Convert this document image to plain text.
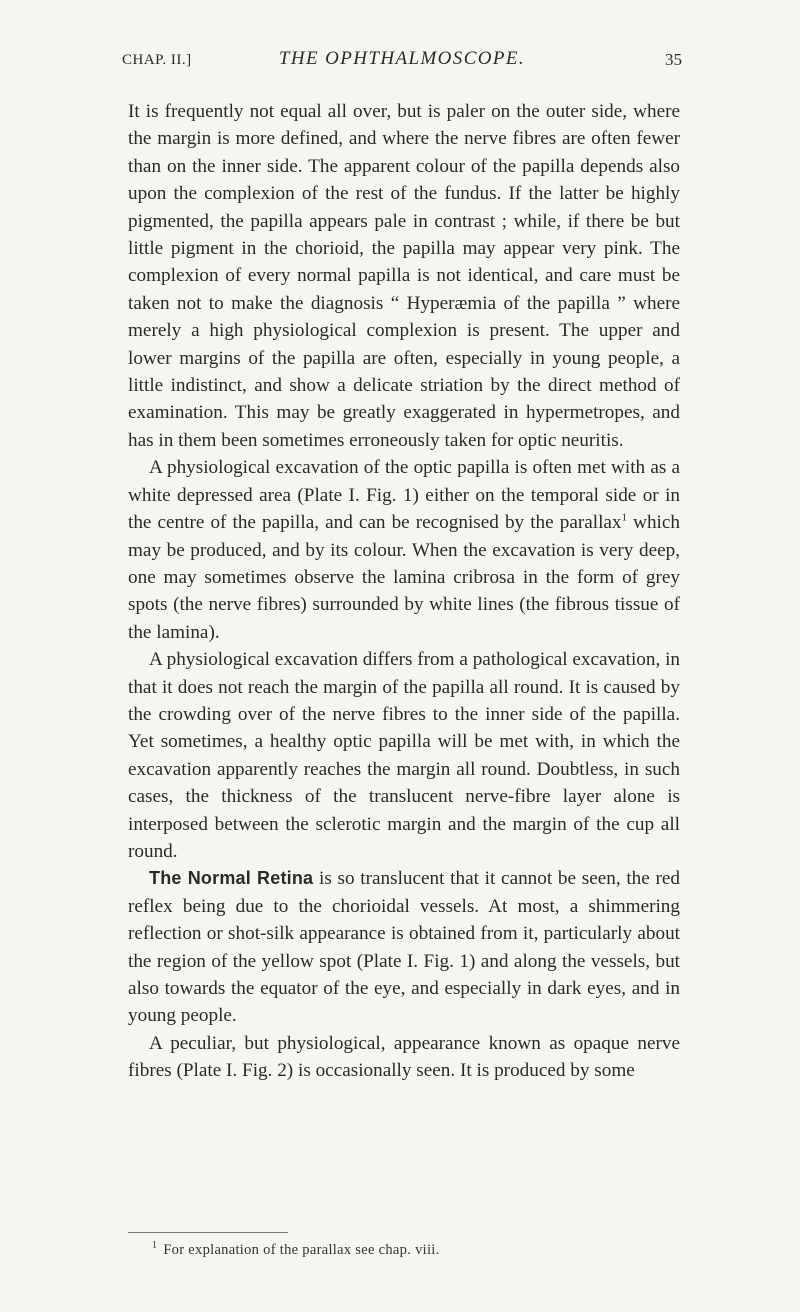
CHAP. II.]	THE OPHTHALMOSCOPE.	35

It is frequently not equal all over, but is paler on the outer side, where the margin is more defined, and where the nerve fibres are often fewer than on the inner side. The apparent colour of the papilla depends also upon the complexion of the rest of the fundus. If the latter be highly pigmented, the papilla appears pale in contrast ; while, if there be but little pigment in the chorioid, the papilla may appear very pink. The complexion of every normal papilla is not identical, and care must be taken not to make the diagnosis “ Hyperæmia of the papilla ” where merely a high physiological complexion is present. The upper and lower margins of the papilla are often, especially in young people, a little indistinct, and show a delicate striation by the direct method of examination. This may be greatly exaggerated in hypermetropes, and has in them been sometimes erroneously taken for optic neuritis.

A physiological excavation of the optic papilla is often met with as a white depressed area (Plate I. Fig. 1) either on the temporal side or in the centre of the papilla, and can be recognised by the parallax$^1$ which may be produced, and by its colour. When the excavation is very deep, one may sometimes observe the lamina cribrosa in the form of grey spots (the nerve fibres) surrounded by white lines (the fibrous tissue of the lamina).

A physiological excavation differs from a pathological excavation, in that it does not reach the margin of the papilla all round. It is caused by the crowding over of the nerve fibres to the inner side of the papilla. Yet sometimes, a healthy optic papilla will be met with, in which the excavation apparently reaches the margin all round. Doubtless, in such cases, the thickness of the translucent nerve-fibre layer alone is interposed between the sclerotic margin and the margin of the cup all round.

The Normal Retina is so translucent that it cannot be seen, the red reflex being due to the chorioidal vessels. At most, a shimmering reflection or shot-silk appearance is obtained from it, particularly about the region of the yellow spot (Plate I. Fig. 1) and along the vessels, but also towards the equator of the eye, and especially in dark eyes, and in young people.

A peculiar, but physiological, appearance known as opaque nerve fibres (Plate I. Fig. 2) is occasionally seen. It is produced by some

$^1$ For explanation of the parallax see chap. viii.
